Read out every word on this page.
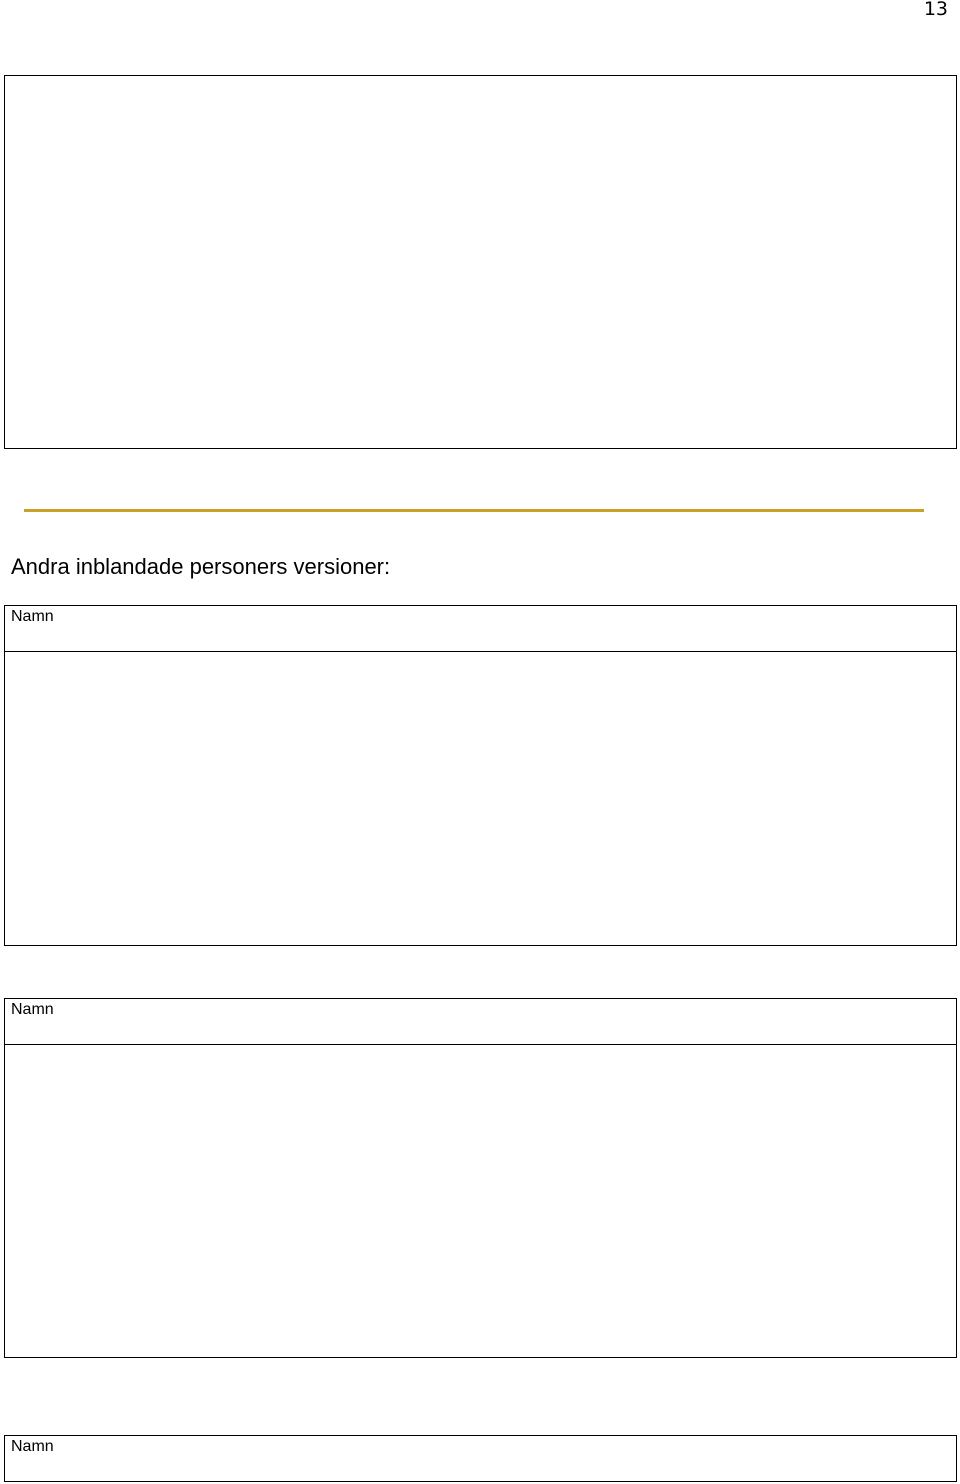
13
Andra inblandade personers versioner:
Namn
Namn
Namn
